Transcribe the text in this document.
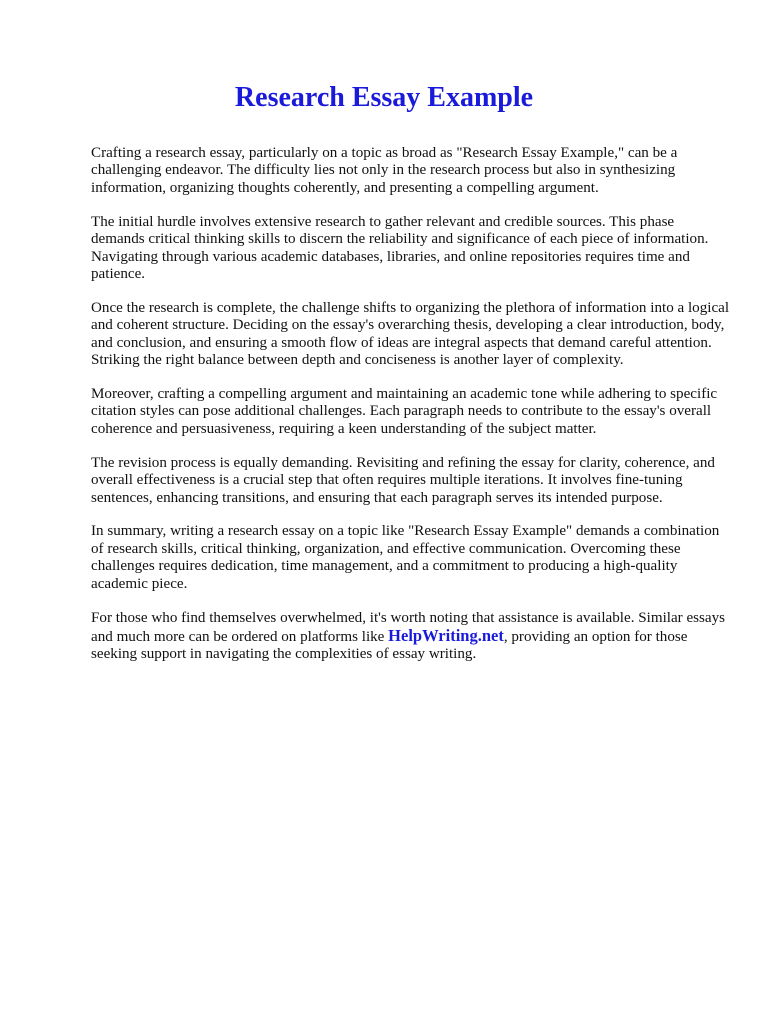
Research Essay Example

Crafting a research essay, particularly on a topic as broad as "Research Essay Example," can be a challenging endeavor. The difficulty lies not only in the research process but also in synthesizing information, organizing thoughts coherently, and presenting a compelling argument.

The initial hurdle involves extensive research to gather relevant and credible sources. This phase demands critical thinking skills to discern the reliability and significance of each piece of information. Navigating through various academic databases, libraries, and online repositories requires time and patience.

Once the research is complete, the challenge shifts to organizing the plethora of information into a logical and coherent structure. Deciding on the essay's overarching thesis, developing a clear introduction, body, and conclusion, and ensuring a smooth flow of ideas are integral aspects that demand careful attention. Striking the right balance between depth and conciseness is another layer of complexity.

Moreover, crafting a compelling argument and maintaining an academic tone while adhering to specific citation styles can pose additional challenges. Each paragraph needs to contribute to the essay's overall coherence and persuasiveness, requiring a keen understanding of the subject matter.

The revision process is equally demanding. Revisiting and refining the essay for clarity, coherence, and overall effectiveness is a crucial step that often requires multiple iterations. It involves fine-tuning sentences, enhancing transitions, and ensuring that each paragraph serves its intended purpose.

In summary, writing a research essay on a topic like "Research Essay Example" demands a combination of research skills, critical thinking, organization, and effective communication. Overcoming these challenges requires dedication, time management, and a commitment to producing a high-quality academic piece.

For those who find themselves overwhelmed, it's worth noting that assistance is available. Similar essays and much more can be ordered on platforms like HelpWriting.net, providing an option for those seeking support in navigating the complexities of essay writing.
